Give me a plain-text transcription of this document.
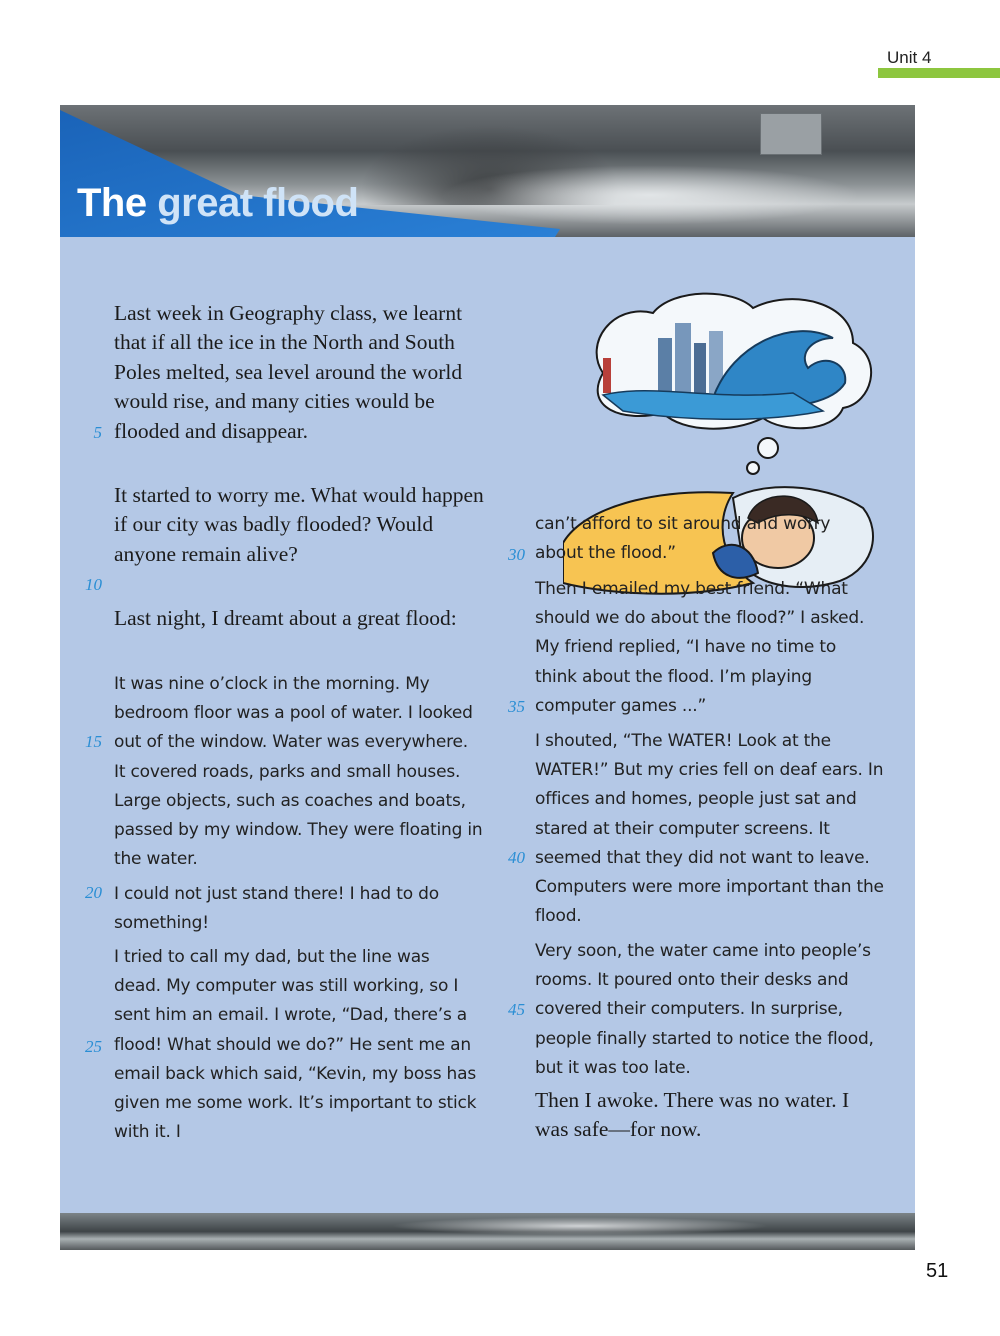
Unit 4
The great flood

Last week in Geography class, we learnt that if all the ice in the North and South Poles melted, sea level around the world would rise, and many cities would be flooded and disappear.

It started to worry me. What would happen if our city was badly flooded? Would anyone remain alive?

Last night, I dreamt about a great flood:

It was nine o’clock in the morning. My bedroom floor was a pool of water. I looked out of the window. Water was everywhere. It covered roads, parks and small houses. Large objects, such as coaches and boats, passed by my window. They were floating in the water.

I could not just stand there! I had to do something!

I tried to call my dad, but the line was dead. My computer was still working, so I sent him an email. I wrote, “Dad, there’s a flood! What should we do?” He sent me an email back which said, “Kevin, my boss has given me some work. It’s important to stick with it. I

can’t afford to sit around and worry about the flood.”

Then I emailed my best friend. “What should we do about the flood?” I asked. My friend replied, “I have no time to think about the flood. I’m playing computer games ...”

I shouted, “The WATER! Look at the WATER!” But my cries fell on deaf ears. In offices and homes, people just sat and stared at their computer screens. It seemed that they did not want to leave. Computers were more important than the flood.

Very soon, the water came into people’s rooms. It poured onto their desks and covered their computers. In surprise, people finally started to notice the flood, but it was too late.

Then I awoke. There was no water. I was safe—for now.

5
10
15
20
25
30
35
40
45
51
